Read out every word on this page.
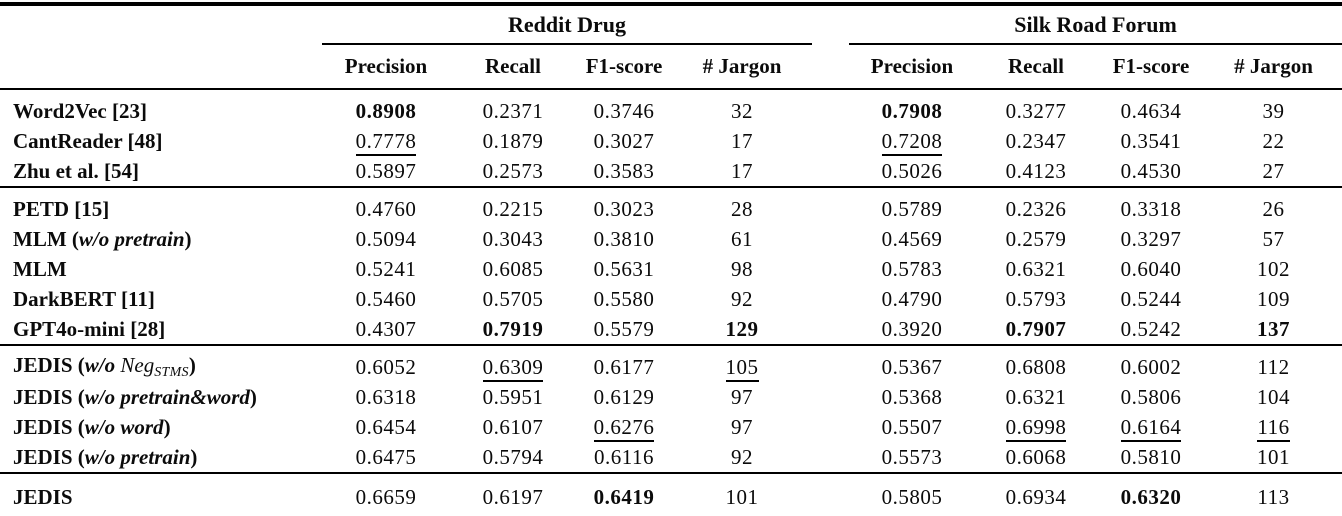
	Reddit Drug					Silk Road Forum			
	Precision	Recall	F1-score	# Jargon		Precision	Recall	F1-score	# Jargon
Word2Vec [23]	0.8908	0.2371	0.3746	32		0.7908	0.3277	0.4634	39
CantReader [48]	0.7778	0.1879	0.3027	17		0.7208	0.2347	0.3541	22
Zhu et al. [54]	0.5897	0.2573	0.3583	17		0.5026	0.4123	0.4530	27
PETD [15]	0.4760	0.2215	0.3023	28		0.5789	0.2326	0.3318	26
MLM (w/o pretrain)	0.5094	0.3043	0.3810	61		0.4569	0.2579	0.3297	57
MLM	0.5241	0.6085	0.5631	98		0.5783	0.6321	0.6040	102
DarkBERT [11]	0.5460	0.5705	0.5580	92		0.4790	0.5793	0.5244	109
GPT4o-mini [28]	0.4307	0.7919	0.5579	129		0.3920	0.7907	0.5242	137
JEDIS (w/o NegSTMS)	0.6052	0.6309	0.6177	105		0.5367	0.6808	0.6002	112
JEDIS (w/o pretrain&word)	0.6318	0.5951	0.6129	97		0.5368	0.6321	0.5806	104
JEDIS (w/o word)	0.6454	0.6107	0.6276	97		0.5507	0.6998	0.6164	116
JEDIS (w/o pretrain)	0.6475	0.5794	0.6116	92		0.5573	0.6068	0.5810	101
JEDIS	0.6659	0.6197	0.6419	101		0.5805	0.6934	0.6320	113
